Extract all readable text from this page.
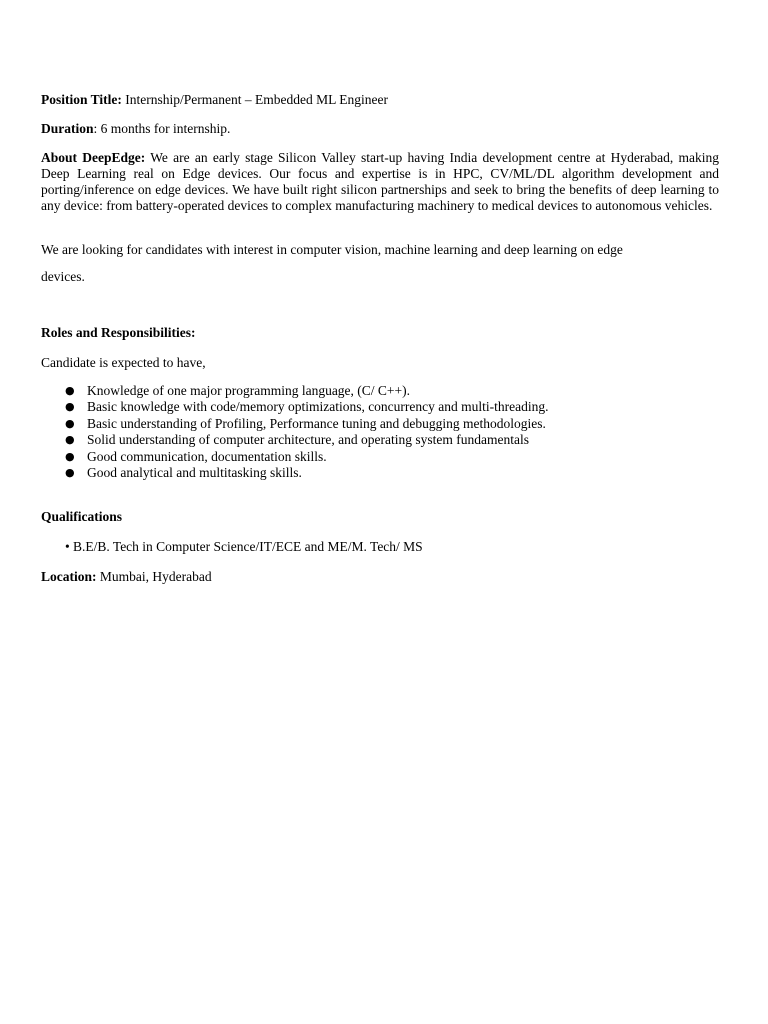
Position Title: Internship/Permanent – Embedded ML Engineer

Duration: 6 months for internship.

About DeepEdge: We are an early stage Silicon Valley start-up having India development centre at Hyderabad, making Deep Learning real on Edge devices. Our focus and expertise is in HPC, CV/ML/DL algorithm development and porting/inference on edge devices. We have built right silicon partnerships and seek to bring the benefits of deep learning to any device: from battery-operated devices to complex manufacturing machinery to medical devices to autonomous vehicles.

We are looking for candidates with interest in computer vision, machine learning and deep learning on edge

devices.

Roles and Responsibilities:

Candidate is expected to have,

● Knowledge of one major programming language, (C/ C++).
● Basic knowledge with code/memory optimizations, concurrency and multi-threading.
● Basic understanding of Profiling, Performance tuning and debugging methodologies.
● Solid understanding of computer architecture, and operating system fundamentals
● Good communication, documentation skills.
● Good analytical and multitasking skills.

Qualifications

• B.E/B. Tech in Computer Science/IT/ECE and ME/M. Tech/ MS

Location: Mumbai, Hyderabad
